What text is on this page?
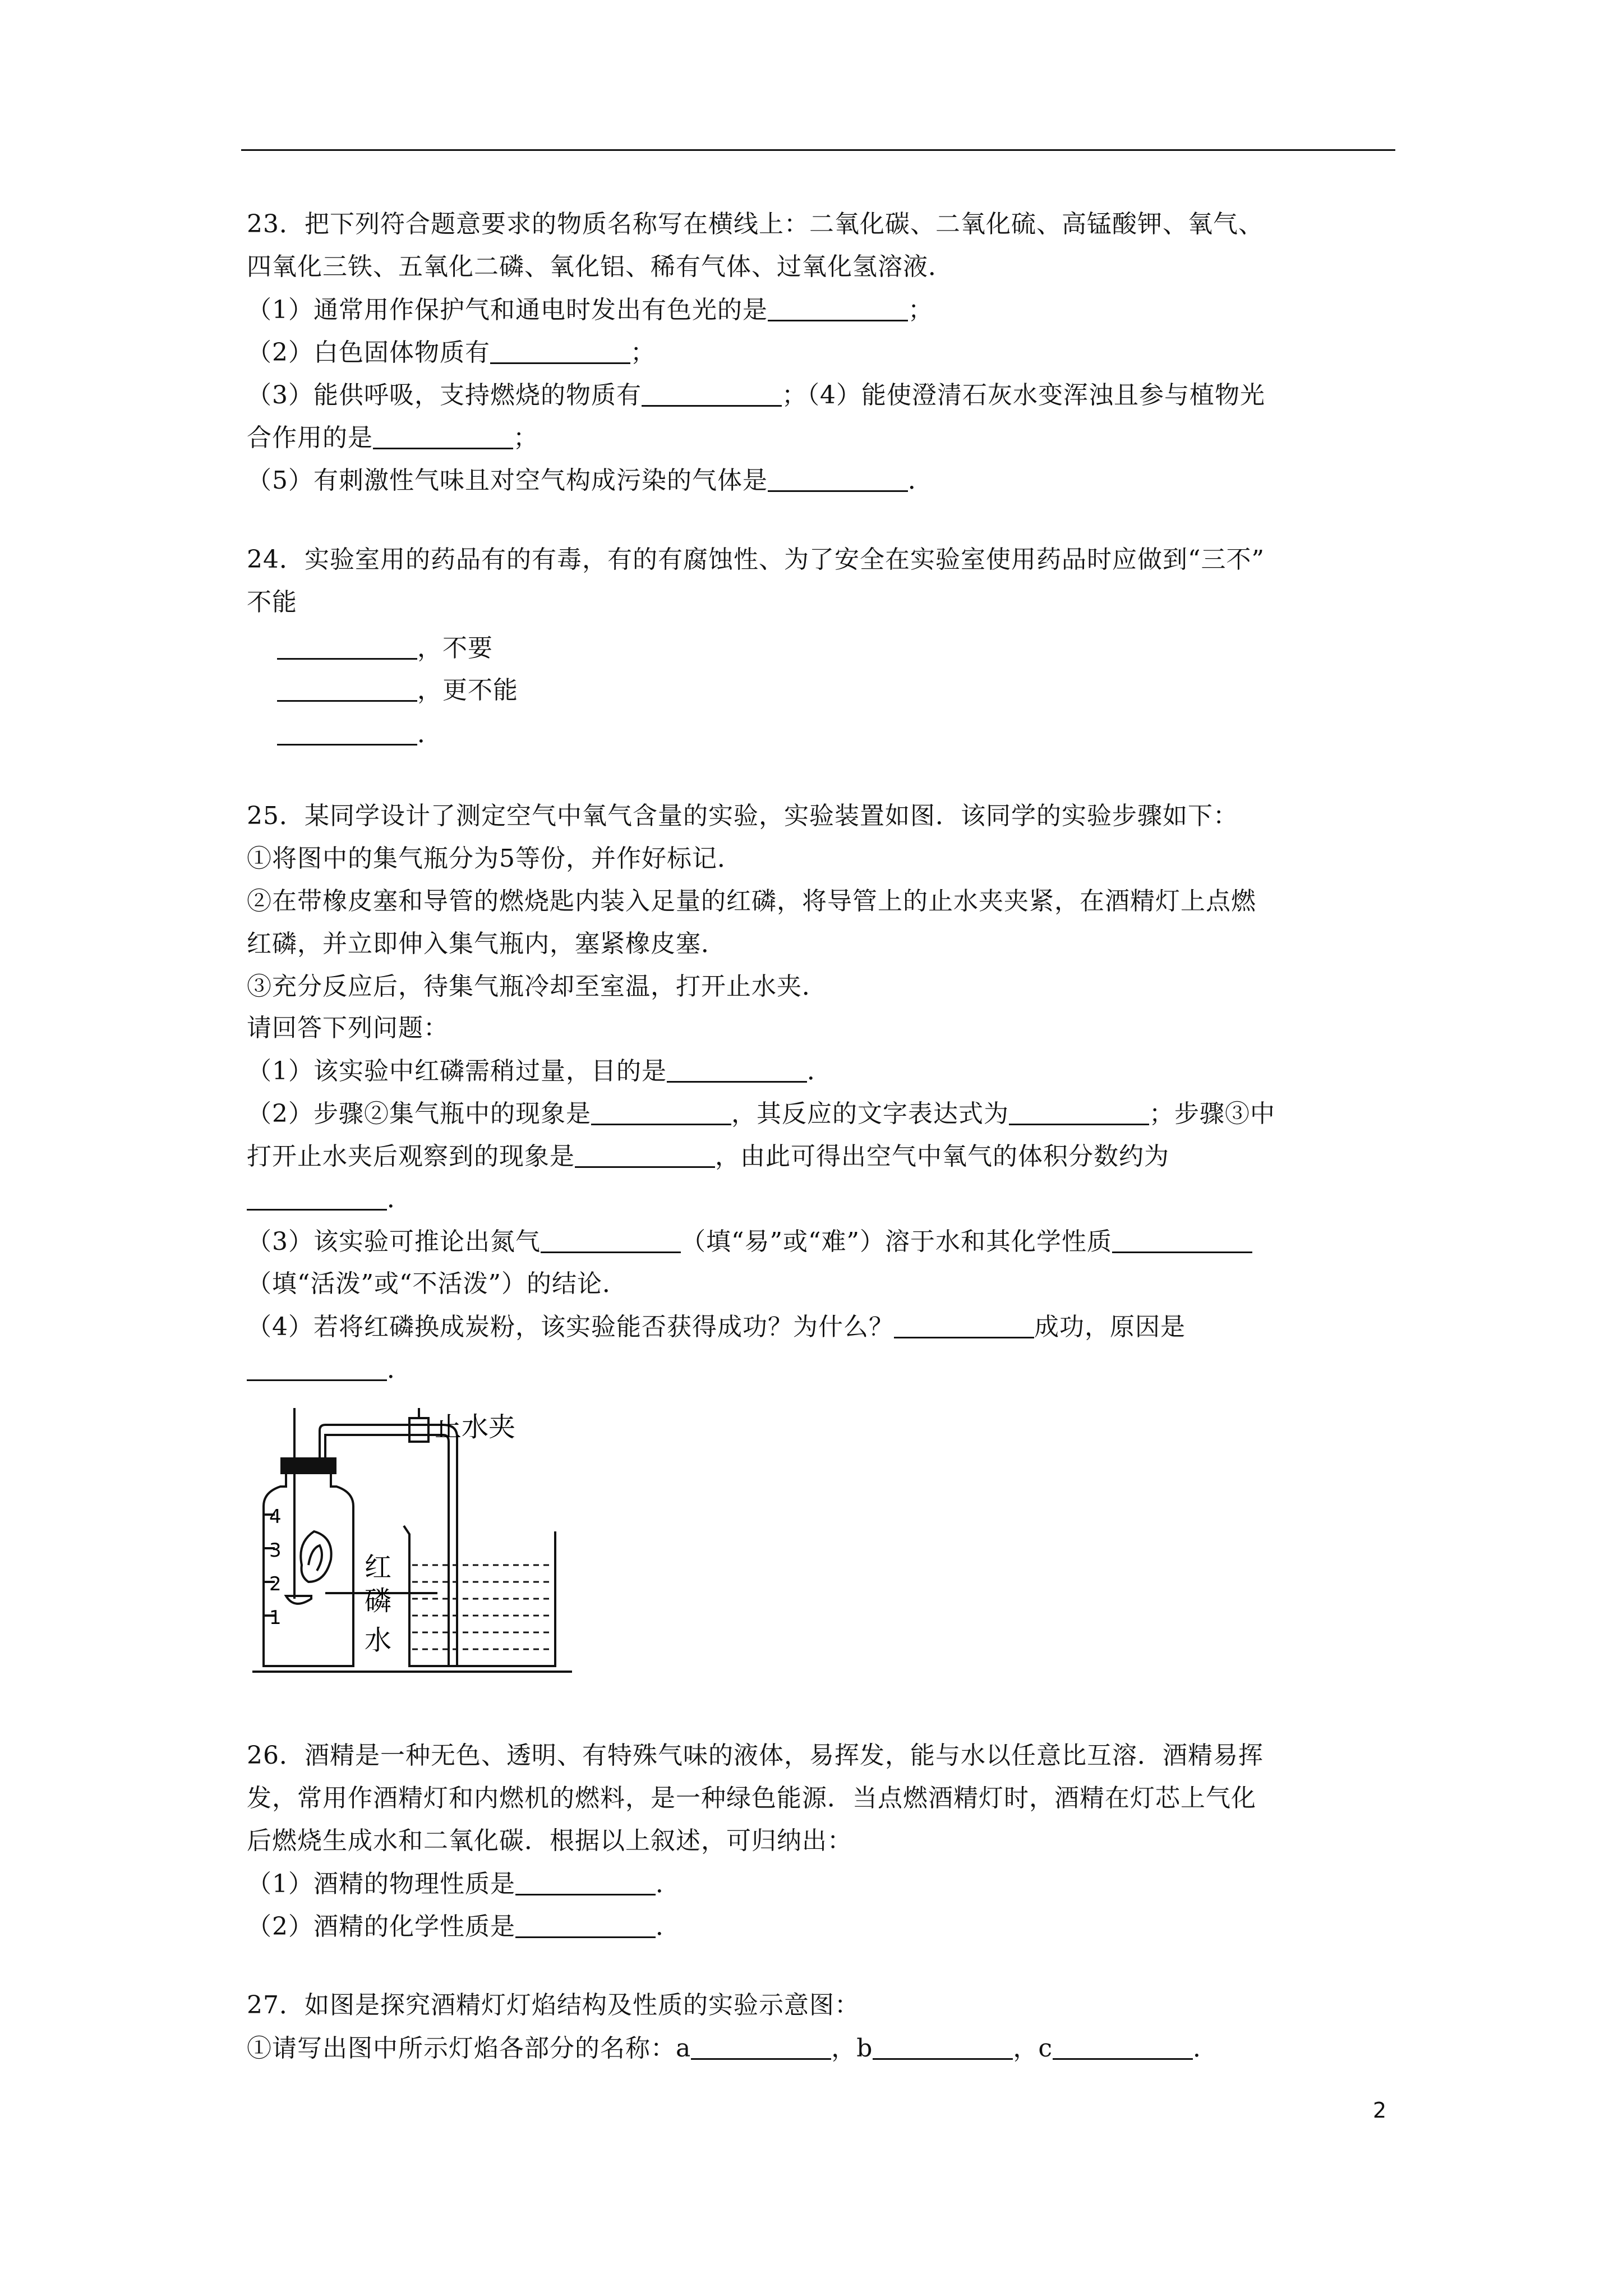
23．把下列符合题意要求的物质名称写在横线上：二氧化碳、二氧化硫、高锰酸钾、氧气、
四氧化三铁、五氧化二磷、氧化铝、稀有气体、过氧化氢溶液．
（1）通常用作保护气和通电时发出有色光的是	；
（2）白色固体物质有	；
（3）能供呼吸，支持燃烧的物质有	；（4）能使澄清石灰水变浑浊且参与植物光
合作用的是	；
（5）有刺激性气味且对空气构成污染的气体是	．
24．实验室用的药品有的有毒，有的有腐蚀性、为了安全在实验室使用药品时应做到“三不”
不能
，不要
，更不能
．
25．某同学设计了测定空气中氧气含量的实验，实验装置如图．该同学的实验步骤如下：
①将图中的集气瓶分为5等份，并作好标记．
②在带橡皮塞和导管的燃烧匙内装入足量的红磷，将导管上的止水夹夹紧，在酒精灯上点燃
红磷，并立即伸入集气瓶内，塞紧橡皮塞．
③充分反应后，待集气瓶冷却至室温，打开止水夹．
请回答下列问题：
（1）该实验中红磷需稍过量，目的是	．
（2）步骤②集气瓶中的现象是	，其反应的文字表达式为	；步骤③中
打开止水夹后观察到的现象是	，由此可得出空气中氧气的体积分数约为
．
（3）该实验可推论出氮气	（填“易”或“难”）溶于水和其化学性质
（填“活泼”或“不活泼”）的结论．
（4）若将红磷换成炭粉，该实验能否获得成功？为什么？	成功，原因是
．
止水夹
红
磷
水
4
3
2
1
26．酒精是一种无色、透明、有特殊气味的液体，易挥发，能与水以任意比互溶．酒精易挥
发，常用作酒精灯和内燃机的燃料，是一种绿色能源．当点燃酒精灯时，酒精在灯芯上气化
后燃烧生成水和二氧化碳．根据以上叙述，可归纳出：
（1）酒精的物理性质是	．
（2）酒精的化学性质是	．
27．如图是探究酒精灯灯焰结构及性质的实验示意图：
①请写出图中所示灯焰各部分的名称：a	，b	，c	．
2
